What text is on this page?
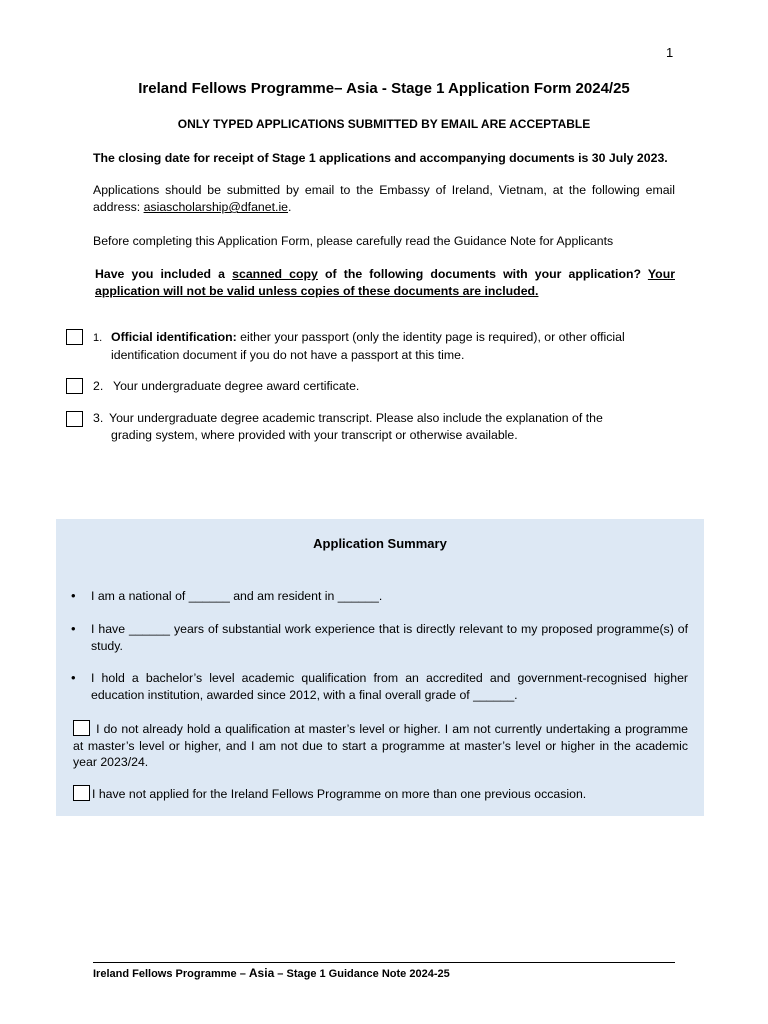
1
Ireland Fellows Programme– Asia - Stage 1 Application Form 2024/25
ONLY TYPED APPLICATIONS SUBMITTED BY EMAIL ARE ACCEPTABLE
The closing date for receipt of Stage 1 applications and accompanying documents is 30 July 2023.
Applications should be submitted by email to the Embassy of Ireland, Vietnam, at the following email address: asiascholarship@dfanet.ie.
Before completing this Application Form, please carefully read the Guidance Note for Applicants
Have you included a scanned copy of the following documents with your application? Your application will not be valid unless copies of these documents are included.
1. Official identification: either your passport (only the identity page is required), or other official
identification document if you do not have a passport at this time.
2. Your undergraduate degree award certificate.
3. Your undergraduate degree academic transcript. Please also include the explanation of the
grading system, where provided with your transcript or otherwise available.
Application Summary
• I am a national of ______ and am resident in ______.
• I have ______ years of substantial work experience that is directly relevant to my proposed programme(s) of study.
• I hold a bachelor’s level academic qualification from an accredited and government-recognised higher education institution, awarded since 2012, with a final overall grade of ______.
I do not already hold a qualification at master’s level or higher. I am not currently undertaking a programme at master’s level or higher, and I am not due to start a programme at master’s level or higher in the academic year 2023/24.
I have not applied for the Ireland Fellows Programme on more than one previous occasion.
Ireland Fellows Programme – Asia – Stage 1 Guidance Note 2024-25
